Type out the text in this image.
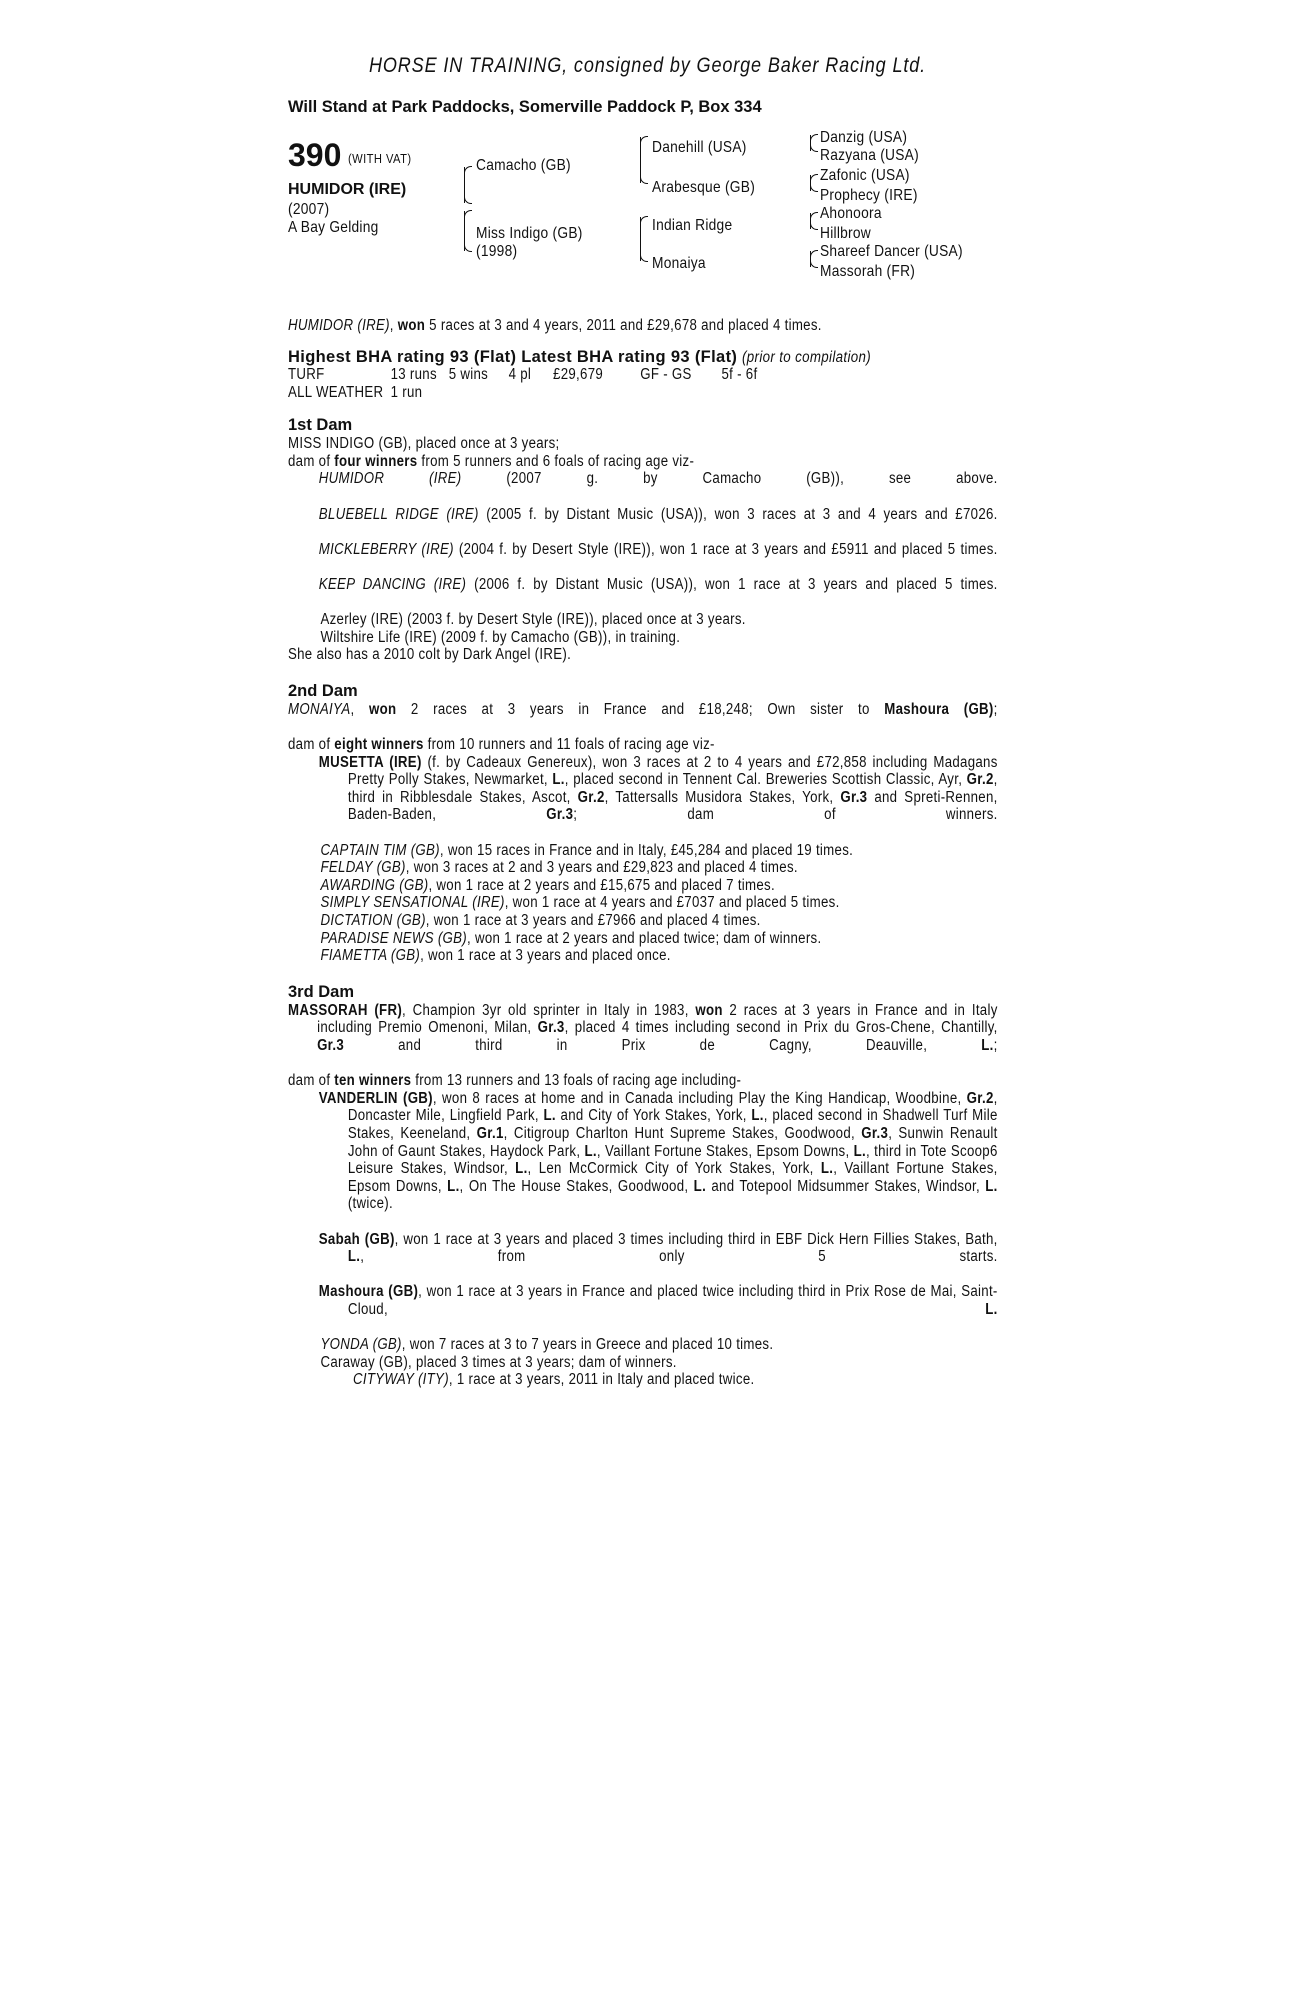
HORSE IN TRAINING, consigned by George Baker Racing Ltd.
Will Stand at Park Paddocks, Somerville Paddock P, Box 334
390 (WITH VAT)
HUMIDOR (IRE)
(2007)
A Bay Gelding
Camacho (GB)
Miss Indigo (GB)
(1998)
Danehill (USA)
Arabesque (GB)
Indian Ridge
Monaiya
Danzig (USA)
Razyana (USA)
Zafonic (USA)
Prophecy (IRE)
Ahonoora
Hillbrow
Shareef Dancer (USA)
Massorah (FR)
HUMIDOR (IRE), won 5 races at 3 and 4 years, 2011 and £29,678 and placed 4 times.
Highest BHA rating 93 (Flat) Latest BHA rating 93 (Flat) (prior to compilation)
TURF	13 runs 5 wins 4 pl £29,679 GF - GS 5f - 6f
ALL WEATHER 1 run
1st Dam
MISS INDIGO (GB), placed once at 3 years;
dam of four winners from 5 runners and 6 foals of racing age viz-
HUMIDOR (IRE) (2007 g. by Camacho (GB)), see above.
BLUEBELL RIDGE (IRE) (2005 f. by Distant Music (USA)), won 3 races at 3 and 4 years and £7026.
MICKLEBERRY (IRE) (2004 f. by Desert Style (IRE)), won 1 race at 3 years and £5911 and placed 5 times.
KEEP DANCING (IRE) (2006 f. by Distant Music (USA)), won 1 race at 3 years and placed 5 times.
Azerley (IRE) (2003 f. by Desert Style (IRE)), placed once at 3 years.
Wiltshire Life (IRE) (2009 f. by Camacho (GB)), in training.
She also has a 2010 colt by Dark Angel (IRE).
2nd Dam
MONAIYA, won 2 races at 3 years in France and £18,248; Own sister to Mashoura (GB);
dam of eight winners from 10 runners and 11 foals of racing age viz-
MUSETTA (IRE) (f. by Cadeaux Genereux), won 3 races at 2 to 4 years and £72,858 including Madagans Pretty Polly Stakes, Newmarket, L., placed second in Tennent Cal. Breweries Scottish Classic, Ayr, Gr.2, third in Ribblesdale Stakes, Ascot, Gr.2, Tattersalls Musidora Stakes, York, Gr.3 and Spreti-Rennen, Baden-Baden, Gr.3; dam of winners.
CAPTAIN TIM (GB), won 15 races in France and in Italy, £45,284 and placed 19 times.
FELDAY (GB), won 3 races at 2 and 3 years and £29,823 and placed 4 times.
AWARDING (GB), won 1 race at 2 years and £15,675 and placed 7 times.
SIMPLY SENSATIONAL (IRE), won 1 race at 4 years and £7037 and placed 5 times.
DICTATION (GB), won 1 race at 3 years and £7966 and placed 4 times.
PARADISE NEWS (GB), won 1 race at 2 years and placed twice; dam of winners.
FIAMETTA (GB), won 1 race at 3 years and placed once.
3rd Dam
MASSORAH (FR), Champion 3yr old sprinter in Italy in 1983, won 2 races at 3 years in France and in Italy including Premio Omenoni, Milan, Gr.3, placed 4 times including second in Prix du Gros-Chene, Chantilly, Gr.3 and third in Prix de Cagny, Deauville, L.;
dam of ten winners from 13 runners and 13 foals of racing age including-
VANDERLIN (GB), won 8 races at home and in Canada including Play the King Handicap, Woodbine, Gr.2, Doncaster Mile, Lingfield Park, L. and City of York Stakes, York, L., placed second in Shadwell Turf Mile Stakes, Keeneland, Gr.1, Citigroup Charlton Hunt Supreme Stakes, Goodwood, Gr.3, Sunwin Renault John of Gaunt Stakes, Haydock Park, L., Vaillant Fortune Stakes, Epsom Downs, L., third in Tote Scoop6 Leisure Stakes, Windsor, L., Len McCormick City of York Stakes, York, L., Vaillant Fortune Stakes, Epsom Downs, L., On The House Stakes, Goodwood, L. and Totepool Midsummer Stakes, Windsor, L. (twice).
Sabah (GB), won 1 race at 3 years and placed 3 times including third in EBF Dick Hern Fillies Stakes, Bath, L., from only 5 starts.
Mashoura (GB), won 1 race at 3 years in France and placed twice including third in Prix Rose de Mai, Saint-Cloud, L.
YONDA (GB), won 7 races at 3 to 7 years in Greece and placed 10 times.
Caraway (GB), placed 3 times at 3 years; dam of winners.
CITYWAY (ITY), 1 race at 3 years, 2011 in Italy and placed twice.
